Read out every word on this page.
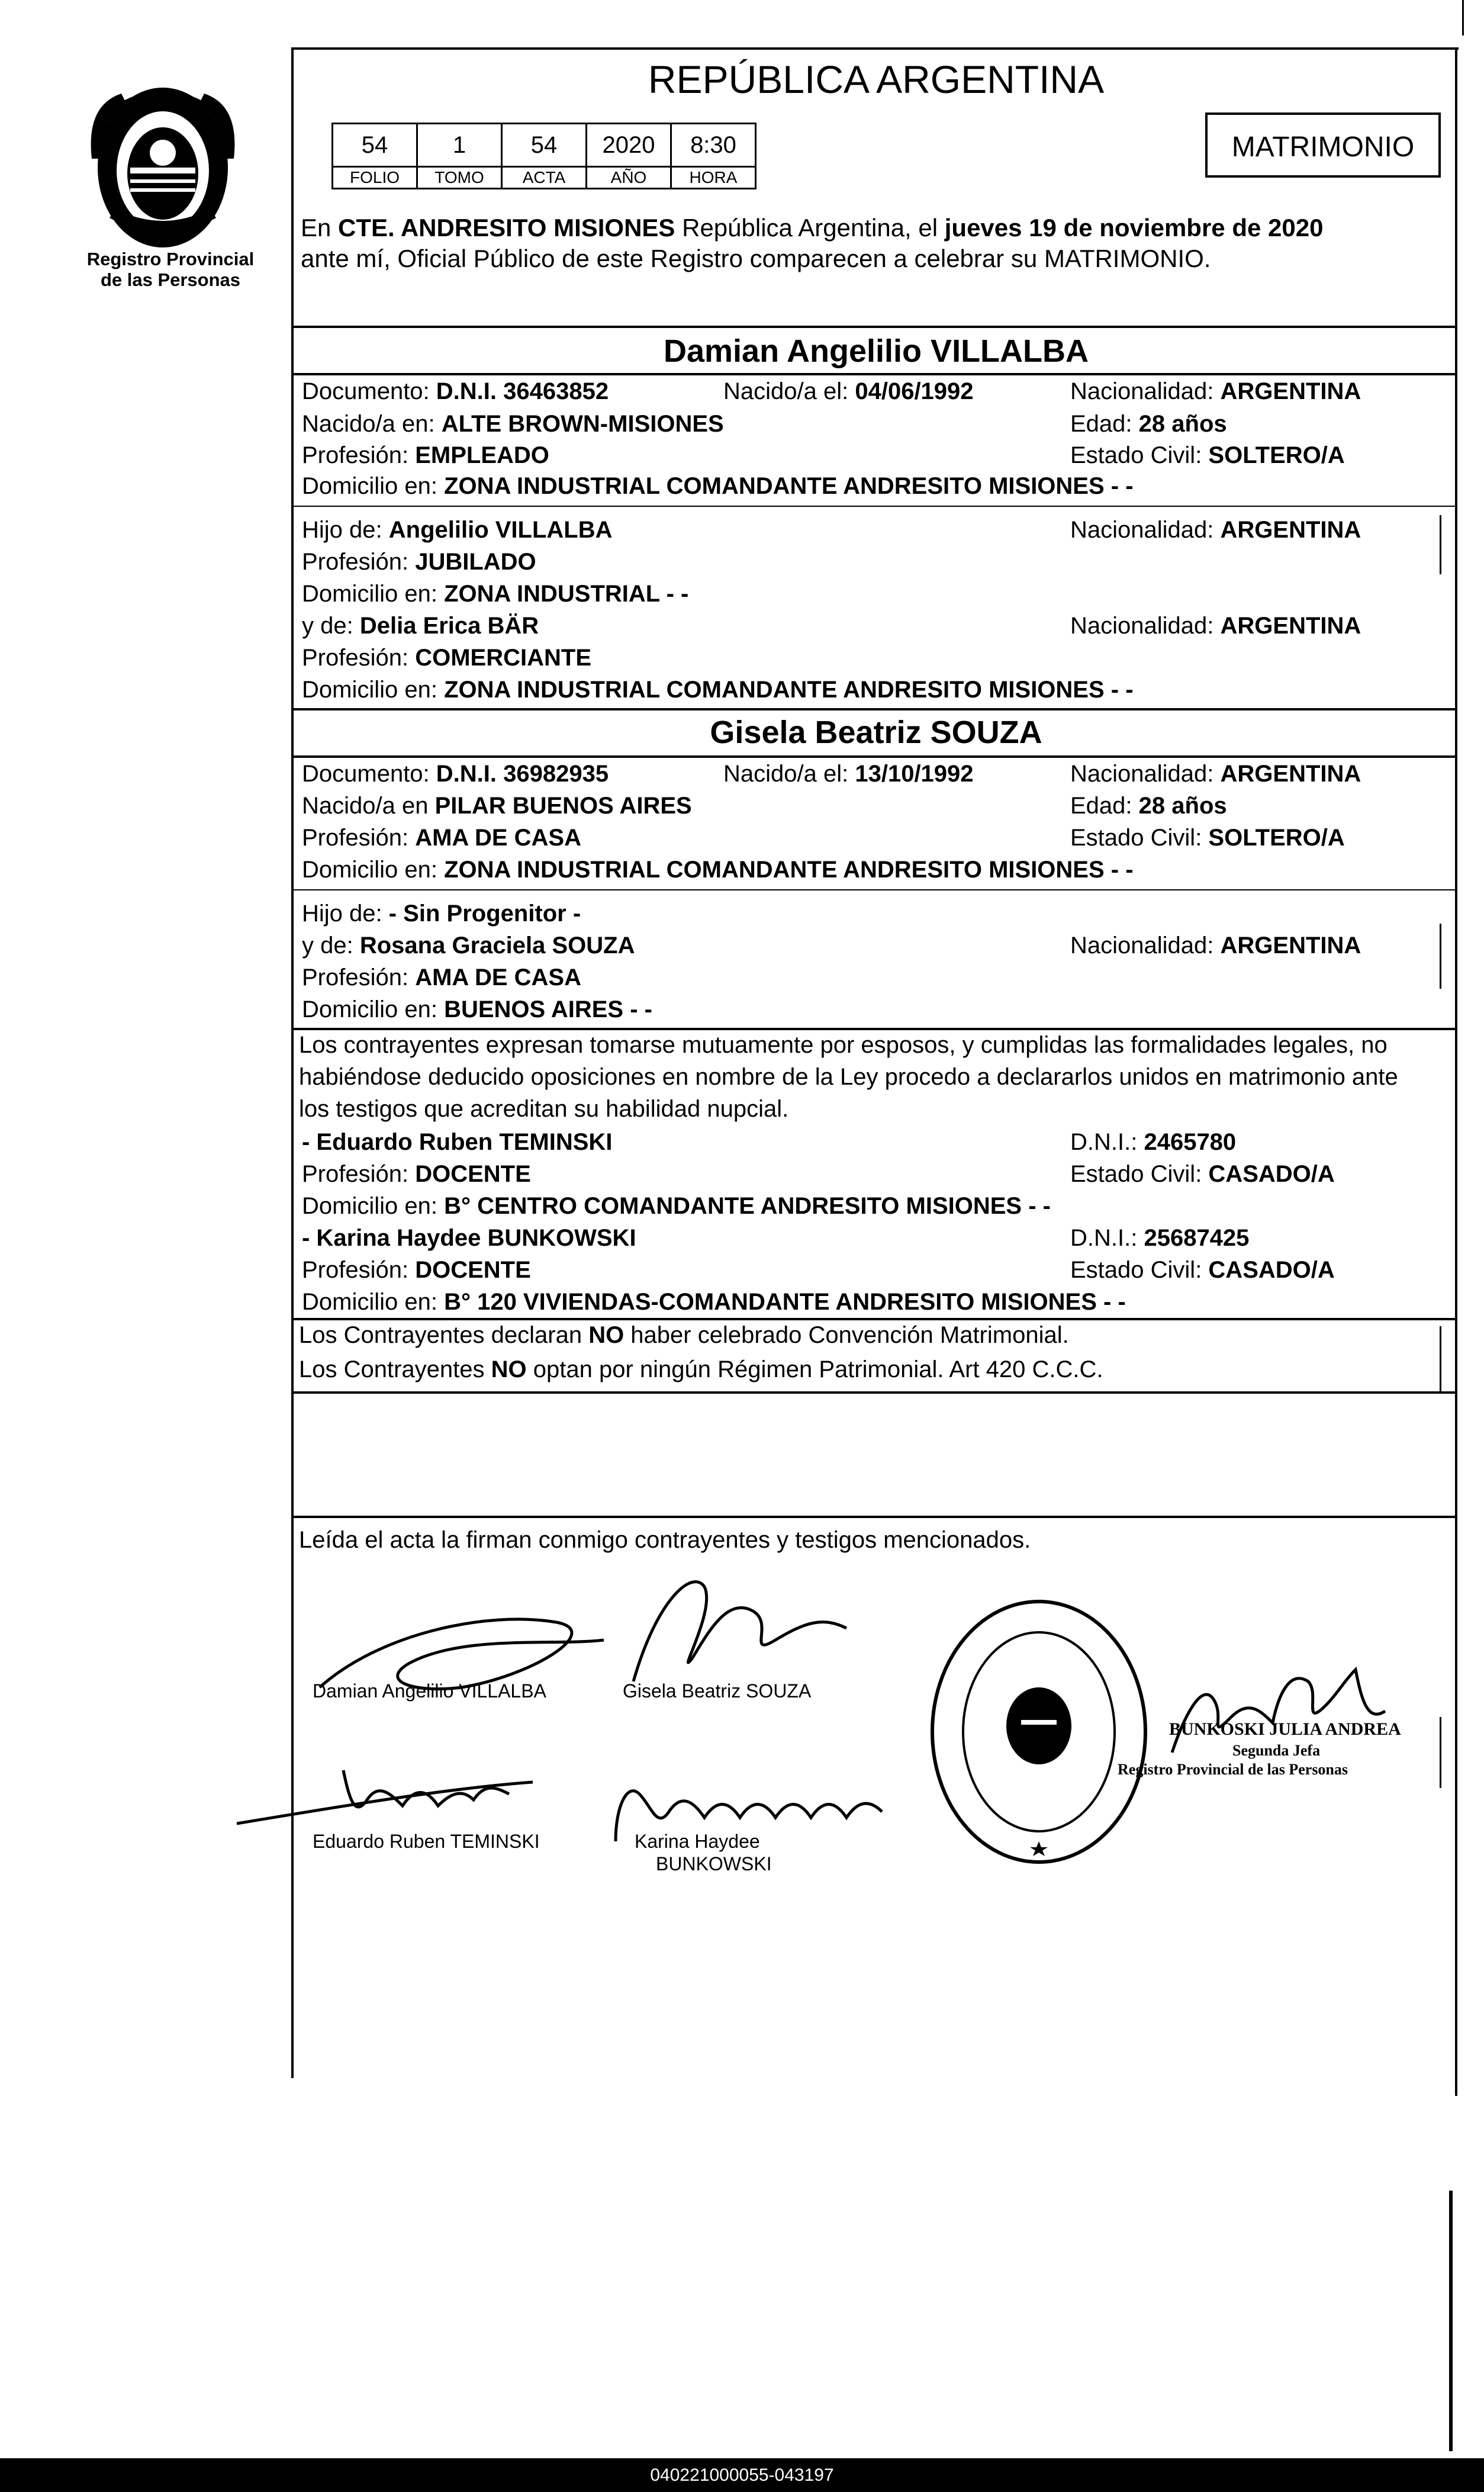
Registro Provincial de las Personas
REPÚBLICA ARGENTINA
54	1	54	2020	8:30
FOLIO	TOMO	ACTA	AÑO	HORA
MATRIMONIO
En CTE. ANDRESITO MISIONES República Argentina, el jueves 19 de noviembre de 2020
ante mí, Oficial Público de este Registro comparecen a celebrar su MATRIMONIO.
Damian Angelilio VILLALBA
Documento: D.N.I. 36463852	Nacido/a el: 04/06/1992	Nacionalidad: ARGENTINA
Nacido/a en: ALTE BROWN-MISIONES	Edad: 28 años
Profesión: EMPLEADO	Estado Civil: SOLTERO/A
Domicilio en: ZONA INDUSTRIAL COMANDANTE ANDRESITO MISIONES - -
Hijo de: Angelilio VILLALBA	Nacionalidad: ARGENTINA
Profesión: JUBILADO
Domicilio en: ZONA INDUSTRIAL - -
y de: Delia Erica BÄR	Nacionalidad: ARGENTINA
Profesión: COMERCIANTE
Domicilio en: ZONA INDUSTRIAL COMANDANTE ANDRESITO MISIONES - -
Gisela Beatriz SOUZA
Documento: D.N.I. 36982935	Nacido/a el: 13/10/1992	Nacionalidad: ARGENTINA
Nacido/a en PILAR BUENOS AIRES	Edad: 28 años
Profesión: AMA DE CASA	Estado Civil: SOLTERO/A
Domicilio en: ZONA INDUSTRIAL COMANDANTE ANDRESITO MISIONES - -
Hijo de: - Sin Progenitor -
y de: Rosana Graciela SOUZA	Nacionalidad: ARGENTINA
Profesión: AMA DE CASA
Domicilio en: BUENOS AIRES - -
Los contrayentes expresan tomarse mutuamente por esposos, y cumplidas las formalidades legales, no
habiéndose deducido oposiciones en nombre de la Ley procedo a declararlos unidos en matrimonio ante
los testigos que acreditan su habilidad nupcial.
- Eduardo Ruben TEMINSKI	D.N.I.: 2465780
Profesión: DOCENTE	Estado Civil: CASADO/A
Domicilio en: B° CENTRO COMANDANTE ANDRESITO MISIONES - -
- Karina Haydee BUNKOWSKI	D.N.I.: 25687425
Profesión: DOCENTE	Estado Civil: CASADO/A
Domicilio en: B° 120 VIVIENDAS-COMANDANTE ANDRESITO MISIONES - -
Los Contrayentes declaran NO haber celebrado Convención Matrimonial.
Los Contrayentes NO optan por ningún Régimen Patrimonial. Art 420 C.C.C.
Leída el acta la firman conmigo contrayentes y testigos mencionados.
Damian Angelilio VILLALBA	Gisela Beatriz SOUZA
Eduardo Ruben TEMINSKI	Karina Haydee
BUNKOWSKI
BUNKOSKI JULIA ANDREA
Segunda Jefa
Registro Provincial de las Personas
040221000055-043197
